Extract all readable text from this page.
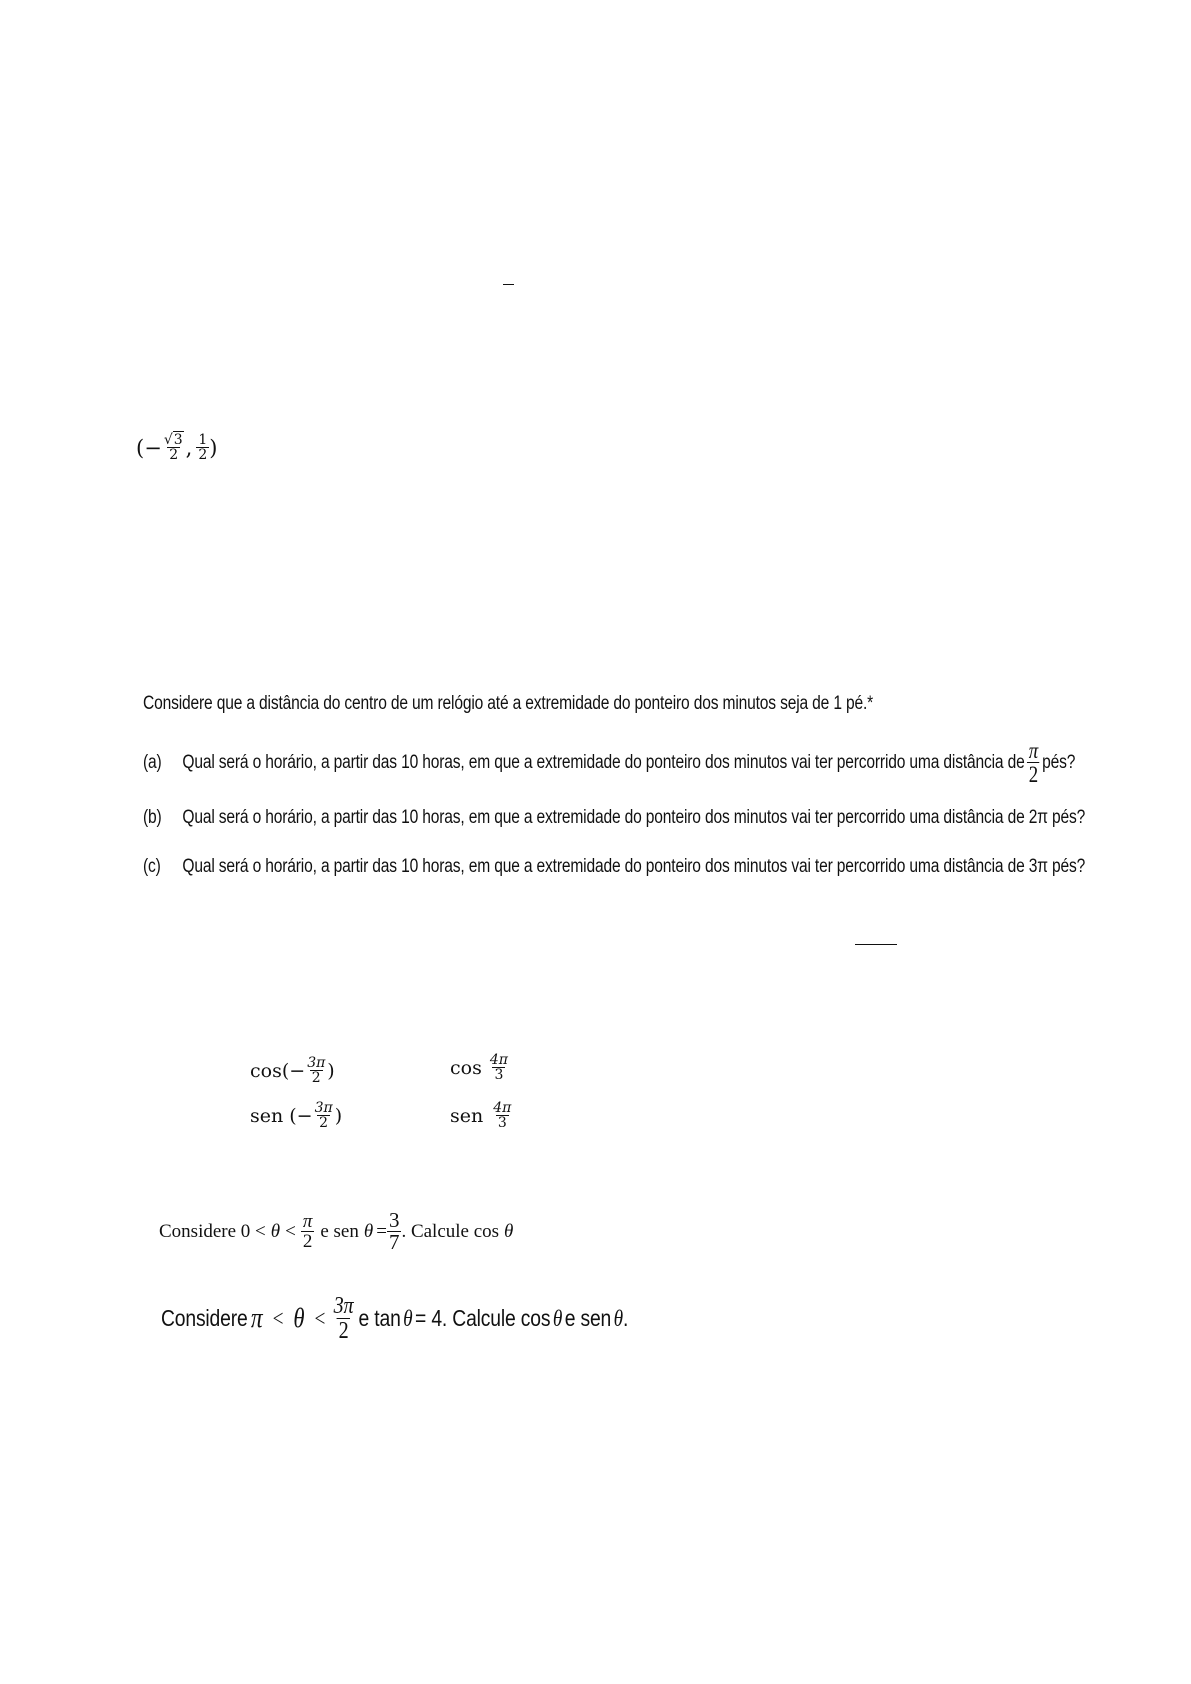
( − $\frac{√3}{2}$ , $\frac{1}{2}$ )
Considere que a distância do centro de um relógio até a extremidade do ponteiro dos minutos seja de 1 pé.*
(a)	Qual será o horário, a partir das 10 horas, em que a extremidade do ponteiro dos minutos vai ter percorrido uma distância de $\frac{\pi}{2}$ pés?
(b) Qual será o horário, a partir das 10 horas, em que a extremidade do ponteiro dos minutos vai ter percorrido uma distância de 2π pés?
(c) Qual será o horário, a partir das 10 horas, em que a extremidade do ponteiro dos minutos vai ter percorrido uma distância de 3π pés?
cos ( − $\frac{3\pi}{2}$ )
sen ( − $\frac{3\pi}{2}$ )
$\cos \frac{4\pi}{3}$
sen $\frac{4\pi}{3}$
Considere $0 < \theta < \frac{\pi}{2}$ e sen $\theta = \frac{3}{7}$ . Calcule cos θ
Considere $\pi < \theta < \frac{3\pi}{2}$ e tan θ = 4. Calcule cos θ e sen θ .
